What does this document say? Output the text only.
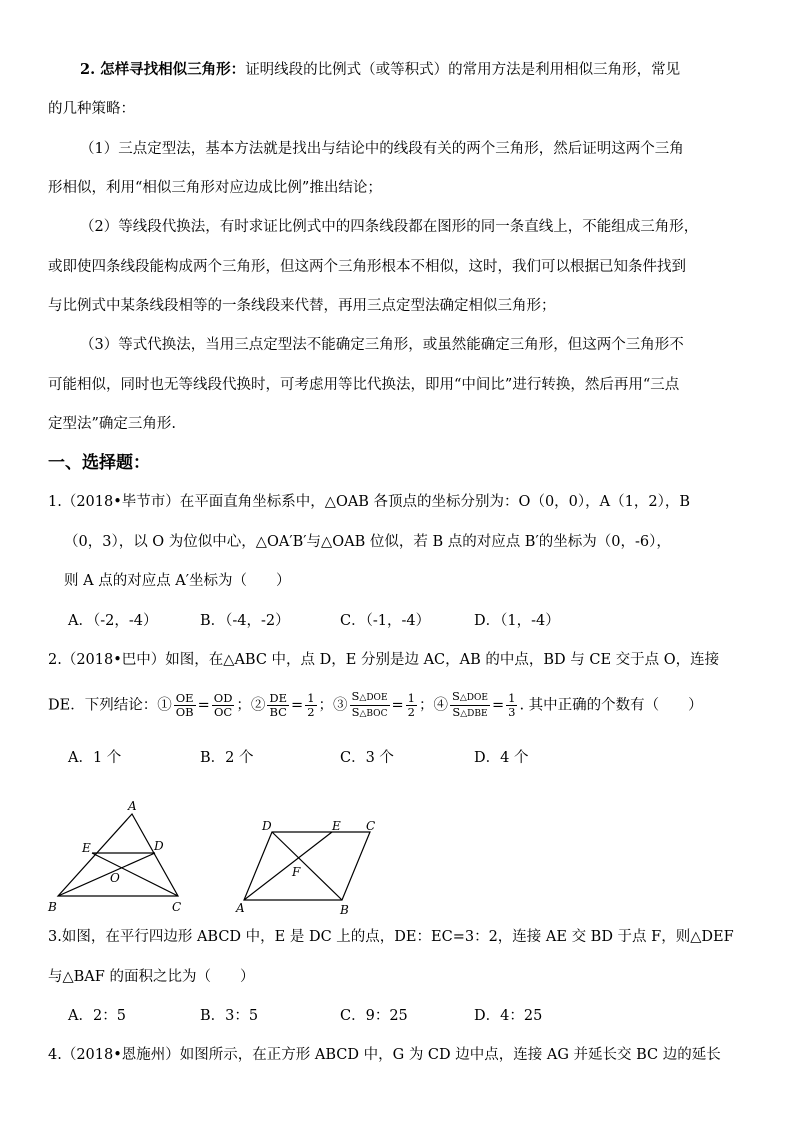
2. 怎样寻找相似三角形：证明线段的比例式（或等积式）的常用方法是利用相似三角形，常见
的几种策略：
（1）三点定型法，基本方法就是找出与结论中的线段有关的两个三角形，然后证明这两个三角
形相似，利用“相似三角形对应边成比例”推出结论；
（2）等线段代换法，有时求证比例式中的四条线段都在图形的同一条直线上，不能组成三角形，
或即使四条线段能构成两个三角形，但这两个三角形根本不相似，这时，我们可以根据已知条件找到
与比例式中某条线段相等的一条线段来代替，再用三点定型法确定相似三角形；
（3）等式代换法，当用三点定型法不能确定三角形，或虽然能确定三角形，但这两个三角形不
可能相似，同时也无等线段代换时，可考虑用等比代换法，即用“中间比”进行转换，然后再用“三点
定型法”确定三角形.
一、选择题：
1.（2018•毕节市）在平面直角坐标系中，△OAB 各顶点的坐标分别为：O（0，0），A（1，2），B
（0，3），以 O 为位似中心，△OA′B′与△OAB 位似，若 B 点的对应点 B′的坐标为（0，-6），
则 A 点的对应点 A′坐标为（　　）
A．（-2，-4）	B．（-4，-2）	C．（-1，-4）	D．（1，-4）
2.（2018•巴中）如图，在△ABC 中，点 D，E 分别是边 AC，AB 的中点，BD 与 CE 交于点 O，连接
DE．下列结论：① $\frac{OE}{OB} = \frac{OD}{OC}$ ；② $\frac{DE}{BC} = \frac{1}{2}$ ；③ $\frac{\text{S△DOE}}{\text{S△BOC}} = \frac{1}{2}$ ；④ $\frac{\text{S△DOE}}{\text{S△DBE}} = \frac{1}{3}$ . 其中正确的个数有（　　）
A．1 个	B．2 个	C．3 个	D．4 个
A
B	C
D
E
O
D	E C
A	B
F
3.如图，在平行四边形 ABCD 中，E 是 DC 上的点，DE：EC=3：2，连接 AE 交 BD 于点 F，则△DEF
与△BAF 的面积之比为（　　）
A．2：5	B．3：5	C．9：25	D．4：25
4.（2018•恩施州）如图所示，在正方形 ABCD 中，G 为 CD 边中点，连接 AG 并延长交 BC 边的延长
